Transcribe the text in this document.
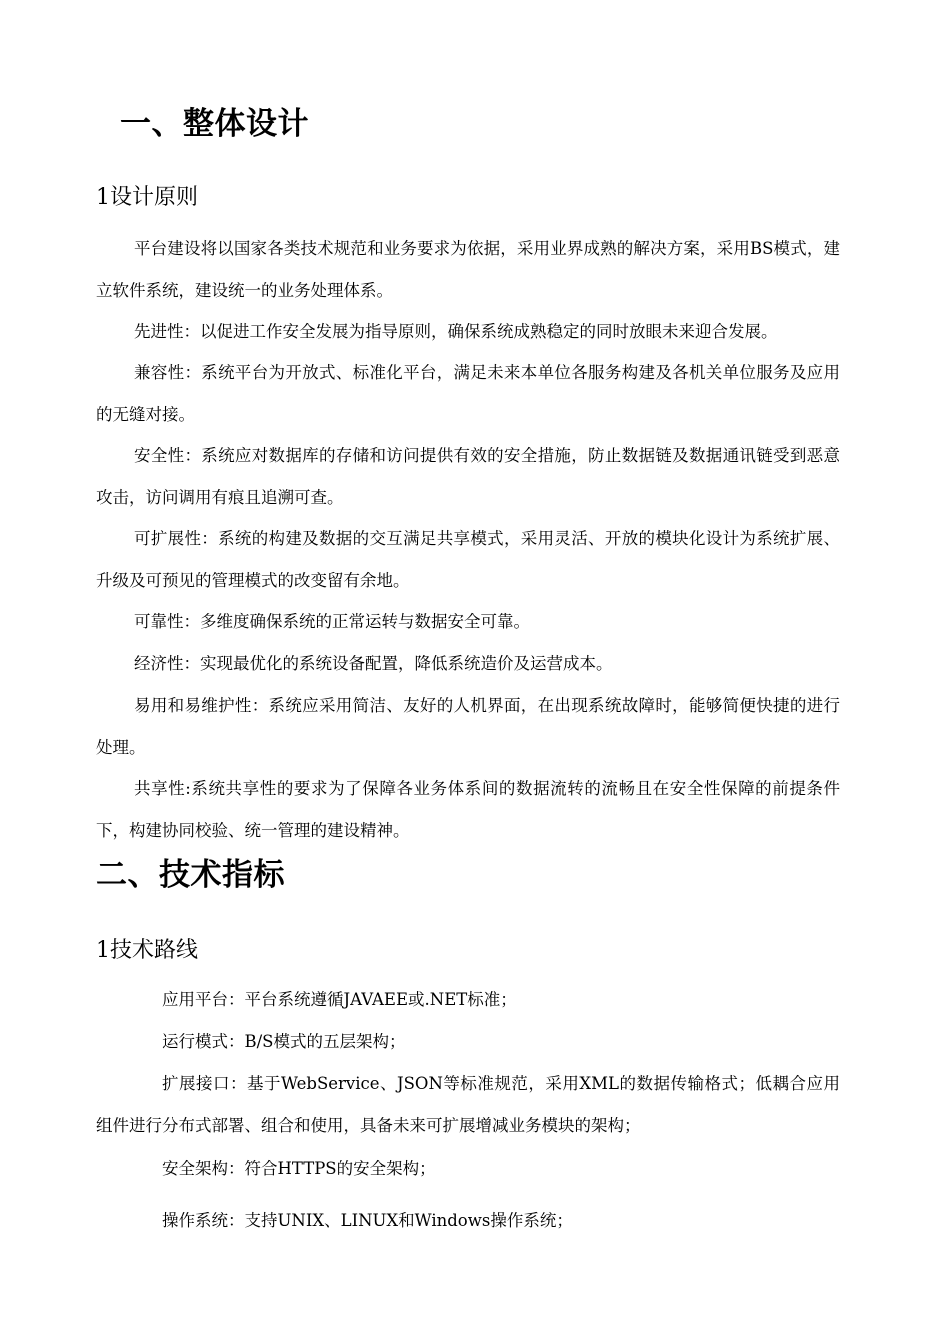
一、整体设计
1设计原则

平台建设将以国家各类技术规范和业务要求为依据，采用业界成熟的解决方案，采用BS模式，建立软件系统，建设统一的业务处理体系。

先进性：以促进工作安全发展为指导原则，确保系统成熟稳定的同时放眼未来迎合发展。

兼容性：系统平台为开放式、标准化平台，满足未来本单位各服务构建及各机关单位服务及应用的无缝对接。

安全性：系统应对数据库的存储和访问提供有效的安全措施，防止数据链及数据通讯链受到恶意攻击，访问调用有痕且追溯可查。

可扩展性：系统的构建及数据的交互满足共享模式，采用灵活、开放的模块化设计为系统扩展、升级及可预见的管理模式的改变留有余地。

可靠性：多维度确保系统的正常运转与数据安全可靠。

经济性：实现最优化的系统设备配置，降低系统造价及运营成本。

易用和易维护性：系统应采用简洁、友好的人机界面，在出现系统故障时，能够简便快捷的进行处理。

共享性:系统共享性的要求为了保障各业务体系间的数据流转的流畅且在安全性保障的前提条件下，构建协同校验、统一管理的建设精神。

二、技术指标
1技术路线

应用平台：平台系统遵循JAVAEE或.NET标准；

运行模式：B/S模式的五层架构；

扩展接口：基于WebService、JSON等标准规范，采用XML的数据传输格式；低耦合应用组件进行分布式部署、组合和使用，具备未来可扩展增减业务模块的架构；

安全架构：符合HTTPS的安全架构；

操作系统：支持UNIX、LINUX和Windows操作系统；
